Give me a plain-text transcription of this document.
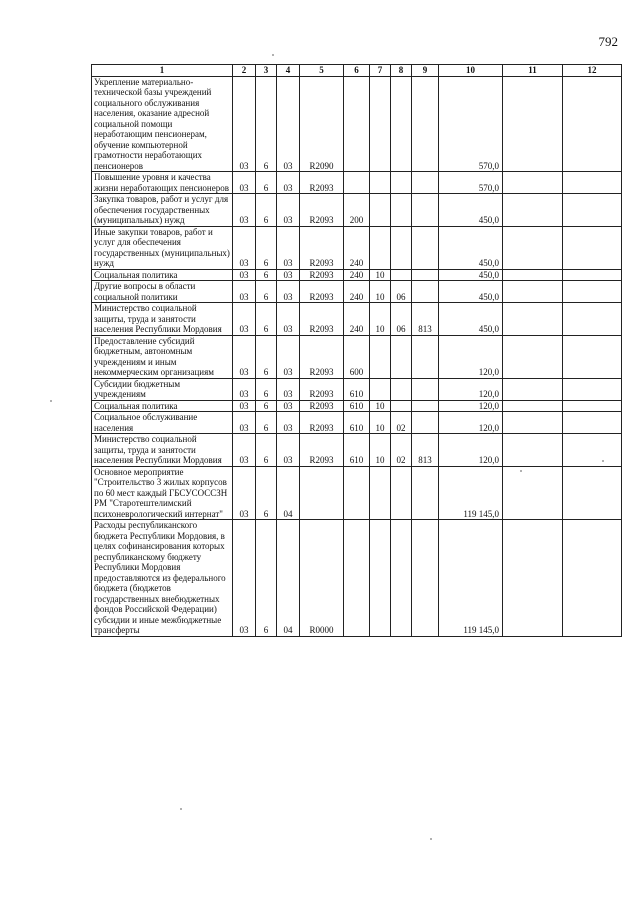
792
1	2	3	4	5	6	7	8	9	10	11	12
Укрепление материально-технической базы учреждений социального обслуживания населения, оказание адресной социальной помощи неработающим пенсионерам, обучение компьютерной грамотности неработающих пенсионеров	03	6	03	R2090					570,0		
Повышение уровня и качества жизни неработающих пенсионеров	03	6	03	R2093					570,0		
Закупка товаров, работ и услуг для обеспечения государственных (муниципальных) нужд	03	6	03	R2093	200				450,0		
Иные закупки товаров, работ и услуг для обеспечения государственных (муниципальных) нужд	03	6	03	R2093	240				450,0		
Социальная политика	03	6	03	R2093	240	10			450,0		
Другие вопросы в области социальной политики	03	6	03	R2093	240	10	06		450,0		
Министерство социальной защиты, труда и занятости населения Республики Мордовия	03	6	03	R2093	240	10	06	813	450,0		
Предоставление субсидий бюджетным, автономным учреждениям и иным некоммерческим организациям	03	6	03	R2093	600				120,0		
Субсидии бюджетным учреждениям	03	6	03	R2093	610				120,0		
Социальная политика	03	6	03	R2093	610	10			120,0		
Социальное обслуживание населения	03	6	03	R2093	610	10	02		120,0		
Министерство социальной защиты, труда и занятости населения Республики Мордовия	03	6	03	R2093	610	10	02	813	120,0		
Основное мероприятие "Строительство 3 жилых корпусов по 60 мест каждый ГБСУСОССЗН РМ "Старотештелимский психоневрологический интернат"	03	6	04						119 145,0		
Расходы республиканского бюджета Республики Мордовия, в целях софинансирования которых республиканскому бюджету Республики Мордовия предоставляются из федерального бюджета (бюджетов государственных внебюджетных фондов Российской Федерации) субсидии и иные межбюджетные трансферты	03	6	04	R0000					119 145,0		
